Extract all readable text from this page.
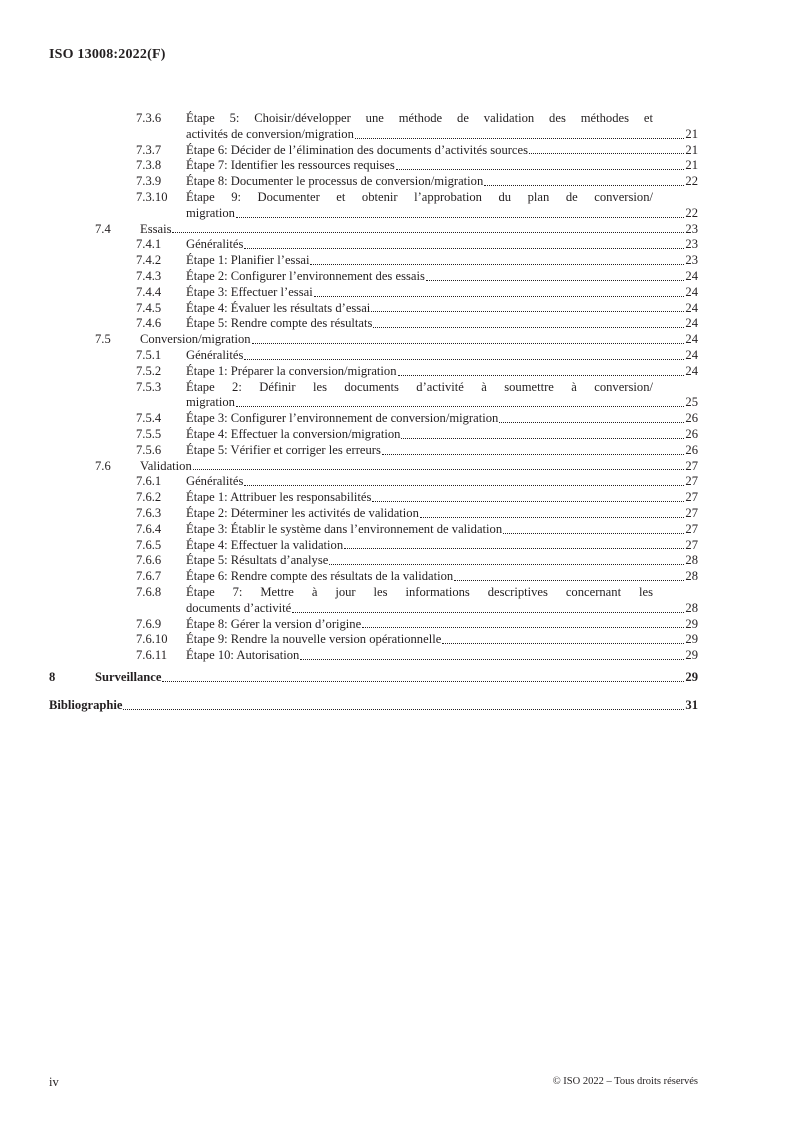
ISO 13008:2022(F)
7.3.6 Étape 5: Choisir/développer une méthode de validation des méthodes et
activités de conversion/migration	21
7.3.7 Étape 6: Décider de l’élimination des documents d’activités sources	21
7.3.8 Étape 7: Identifier les ressources requises	21
7.3.9 Étape 8: Documenter le processus de conversion/migration	22
7.3.10 Étape 9: Documenter et obtenir l’approbation du plan de conversion/
migration	22
7.4 Essais	23
7.4.1 Généralités	23
7.4.2 Étape 1: Planifier l’essai	23
7.4.3 Étape 2: Configurer l’environnement des essais	24
7.4.4 Étape 3: Effectuer l’essai	24
7.4.5 Étape 4: Évaluer les résultats d’essai	24
7.4.6 Étape 5: Rendre compte des résultats	24
7.5 Conversion/migration	24
7.5.1 Généralités	24
7.5.2 Étape 1: Préparer la conversion/migration	24
7.5.3 Étape 2: Définir les documents d’activité à soumettre à conversion/
migration	25
7.5.4 Étape 3: Configurer l’environnement de conversion/migration	26
7.5.5 Étape 4: Effectuer la conversion/migration	26
7.5.6 Étape 5: Vérifier et corriger les erreurs	26
7.6 Validation	27
7.6.1 Généralités	27
7.6.2 Étape 1: Attribuer les responsabilités	27
7.6.3 Étape 2: Déterminer les activités de validation	27
7.6.4 Étape 3: Établir le système dans l’environnement de validation	27
7.6.5 Étape 4: Effectuer la validation	27
7.6.6 Étape 5: Résultats d’analyse	28
7.6.7 Étape 6: Rendre compte des résultats de la validation	28
7.6.8 Étape 7: Mettre à jour les informations descriptives concernant les
documents d’activité	28
7.6.9 Étape 8: Gérer la version d’origine	29
7.6.10 Étape 9: Rendre la nouvelle version opérationnelle	29
7.6.11 Étape 10: Autorisation	29
8	Surveillance	29
Bibliographie	31
iv	© ISO 2022 – Tous droits réservés
